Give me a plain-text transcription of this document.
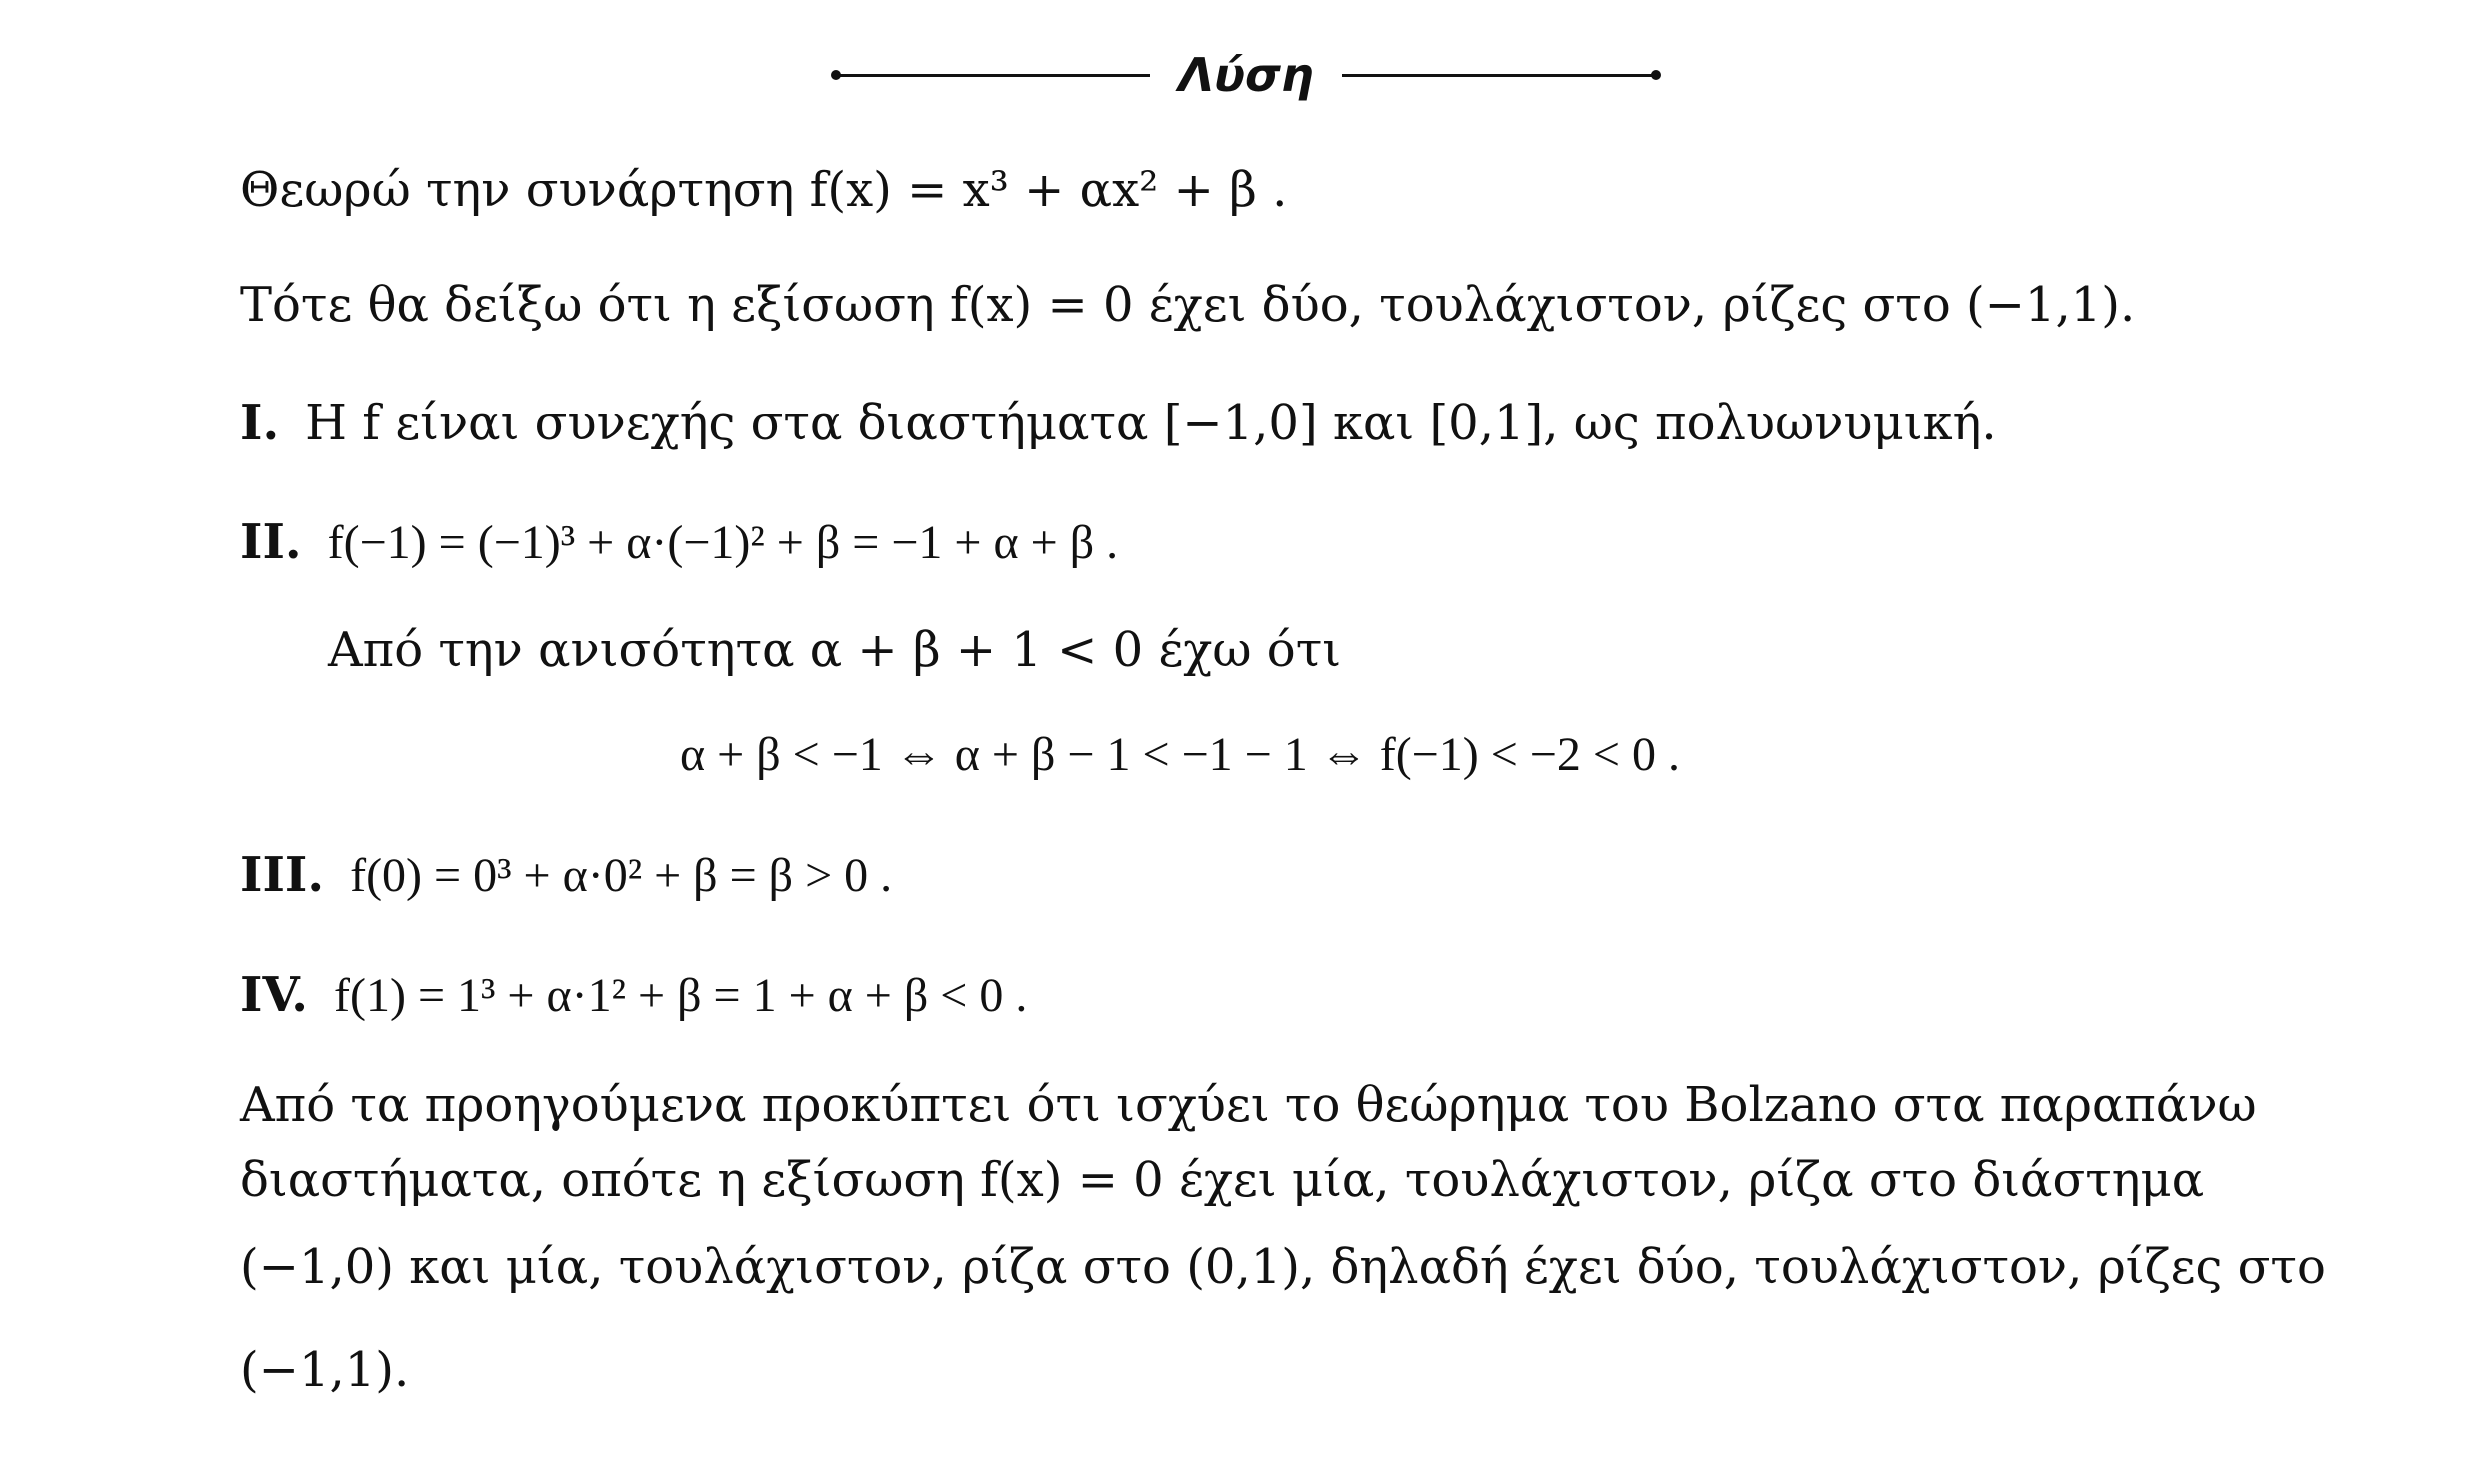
Λύση
Θεωρώ την συνάρτηση f(x) = x³ + αx² + β .
Τότε θα δείξω ότι η εξίσωση f(x) = 0 έχει δύο, τουλάχιστον, ρίζες στο (−1,1).
I. Η f είναι συνεχής στα διαστήματα [−1,0] και [0,1], ως πολυωνυμική.
II. f(−1) = (−1)³ + α·(−1)² + β = −1 + α + β .
Από την ανισότητα α + β + 1 < 0 έχω ότι
α + β < −1 ⇔ α + β − 1 < −1 − 1 ⇔ f(−1) < −2 < 0 .
III. f(0) = 0³ + α·0² + β = β > 0 .
IV. f(1) = 1³ + α·1² + β = 1 + α + β < 0 .
Από τα προηγούμενα προκύπτει ότι ισχύει το θεώρημα του Bolzano στα παραπάνω
διαστήματα, οπότε η εξίσωση f(x) = 0 έχει μία, τουλάχιστον, ρίζα στο διάστημα
(−1,0) και μία, τουλάχιστον, ρίζα στο (0,1), δηλαδή έχει δύο, τουλάχιστον, ρίζες στο
(−1,1).
